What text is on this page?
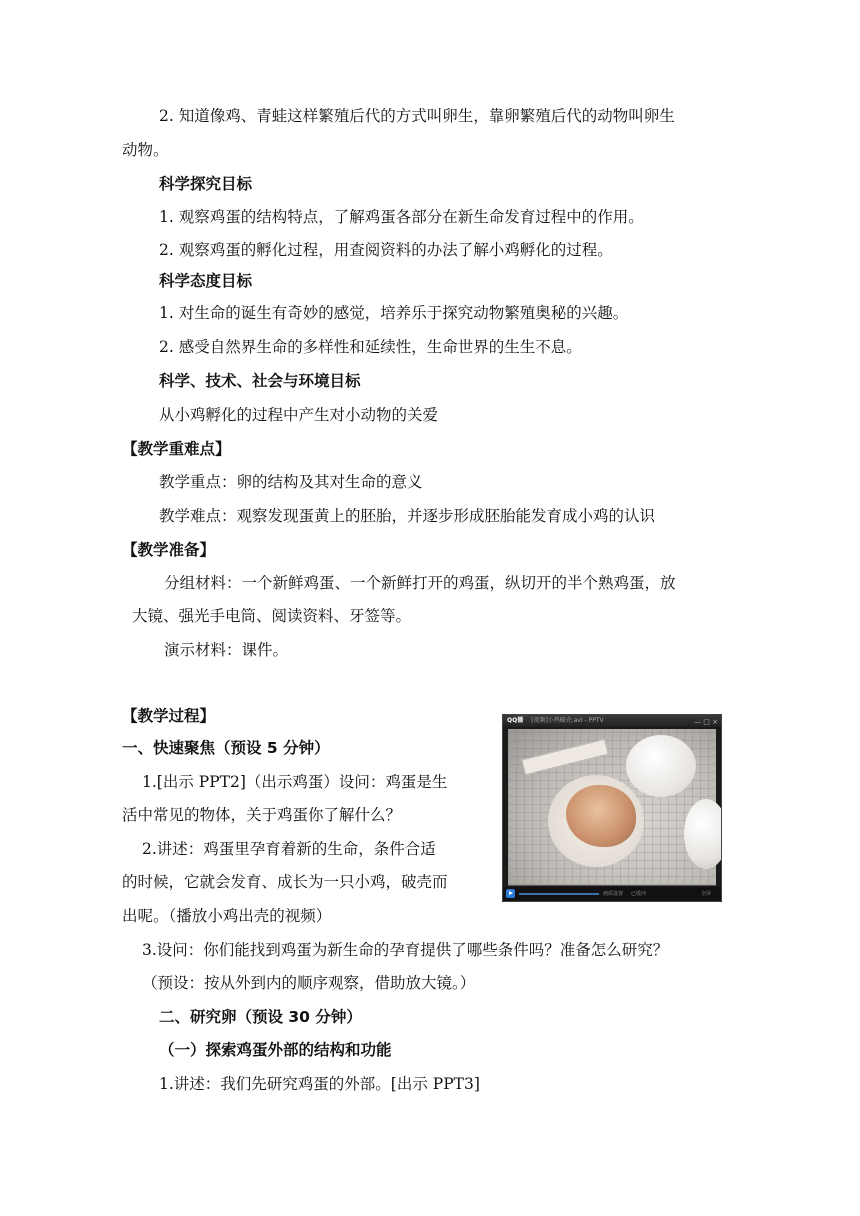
2. 知道像鸡、青蛙这样繁殖后代的方式叫卵生，靠卵繁殖后代的动物叫卵生
动物。
科学探究目标
1. 观察鸡蛋的结构特点，了解鸡蛋各部分在新生命发育过程中的作用。
2. 观察鸡蛋的孵化过程，用查阅资料的办法了解小鸡孵化的过程。
科学态度目标
1. 对生命的诞生有奇妙的感觉，培养乐于探究动物繁殖奥秘的兴趣。
2. 感受自然界生命的多样性和延续性，生命世界的生生不息。
科学、技术、社会与环境目标
从小鸡孵化的过程中产生对小动物的关爱
【教学重难点】
教学重点：卵的结构及其对生命的意义
教学难点：观察发现蛋黄上的胚胎，并逐步形成胚胎能发育成小鸡的认识
【教学准备】
分组材料：一个新鲜鸡蛋、一个新鲜打开的鸡蛋，纵切开的半个熟鸡蛋，放
大镜、强光手电筒、阅读资料、牙签等。
演示材料：课件。
【教学过程】
一、快速聚焦（预设 5 分钟）
1.[出示 PPT2]（出示鸡蛋）设问：鸡蛋是生
活中常见的物体，关于鸡蛋你了解什么？
2.讲述：鸡蛋里孕育着新的生命，条件合适
的时候，它就会发育、成长为一只小鸡，破壳而
出呢。（播放小鸡出壳的视频）
3.设问：你们能找到鸡蛋为新生命的孕育提供了哪些条件吗？准备怎么研究？
（预设：按从外到内的顺序观察，借助放大镜。）
二、研究卵（预设 30 分钟）
（一）探索鸡蛋外部的结构和功能
1.讲述：我们先研究鸡蛋的外部。[出示 PPT3]
QQ播 [视频]小鸡破壳.avi - PPTV	— □ ×
画质设置 已缓冲	全屏
